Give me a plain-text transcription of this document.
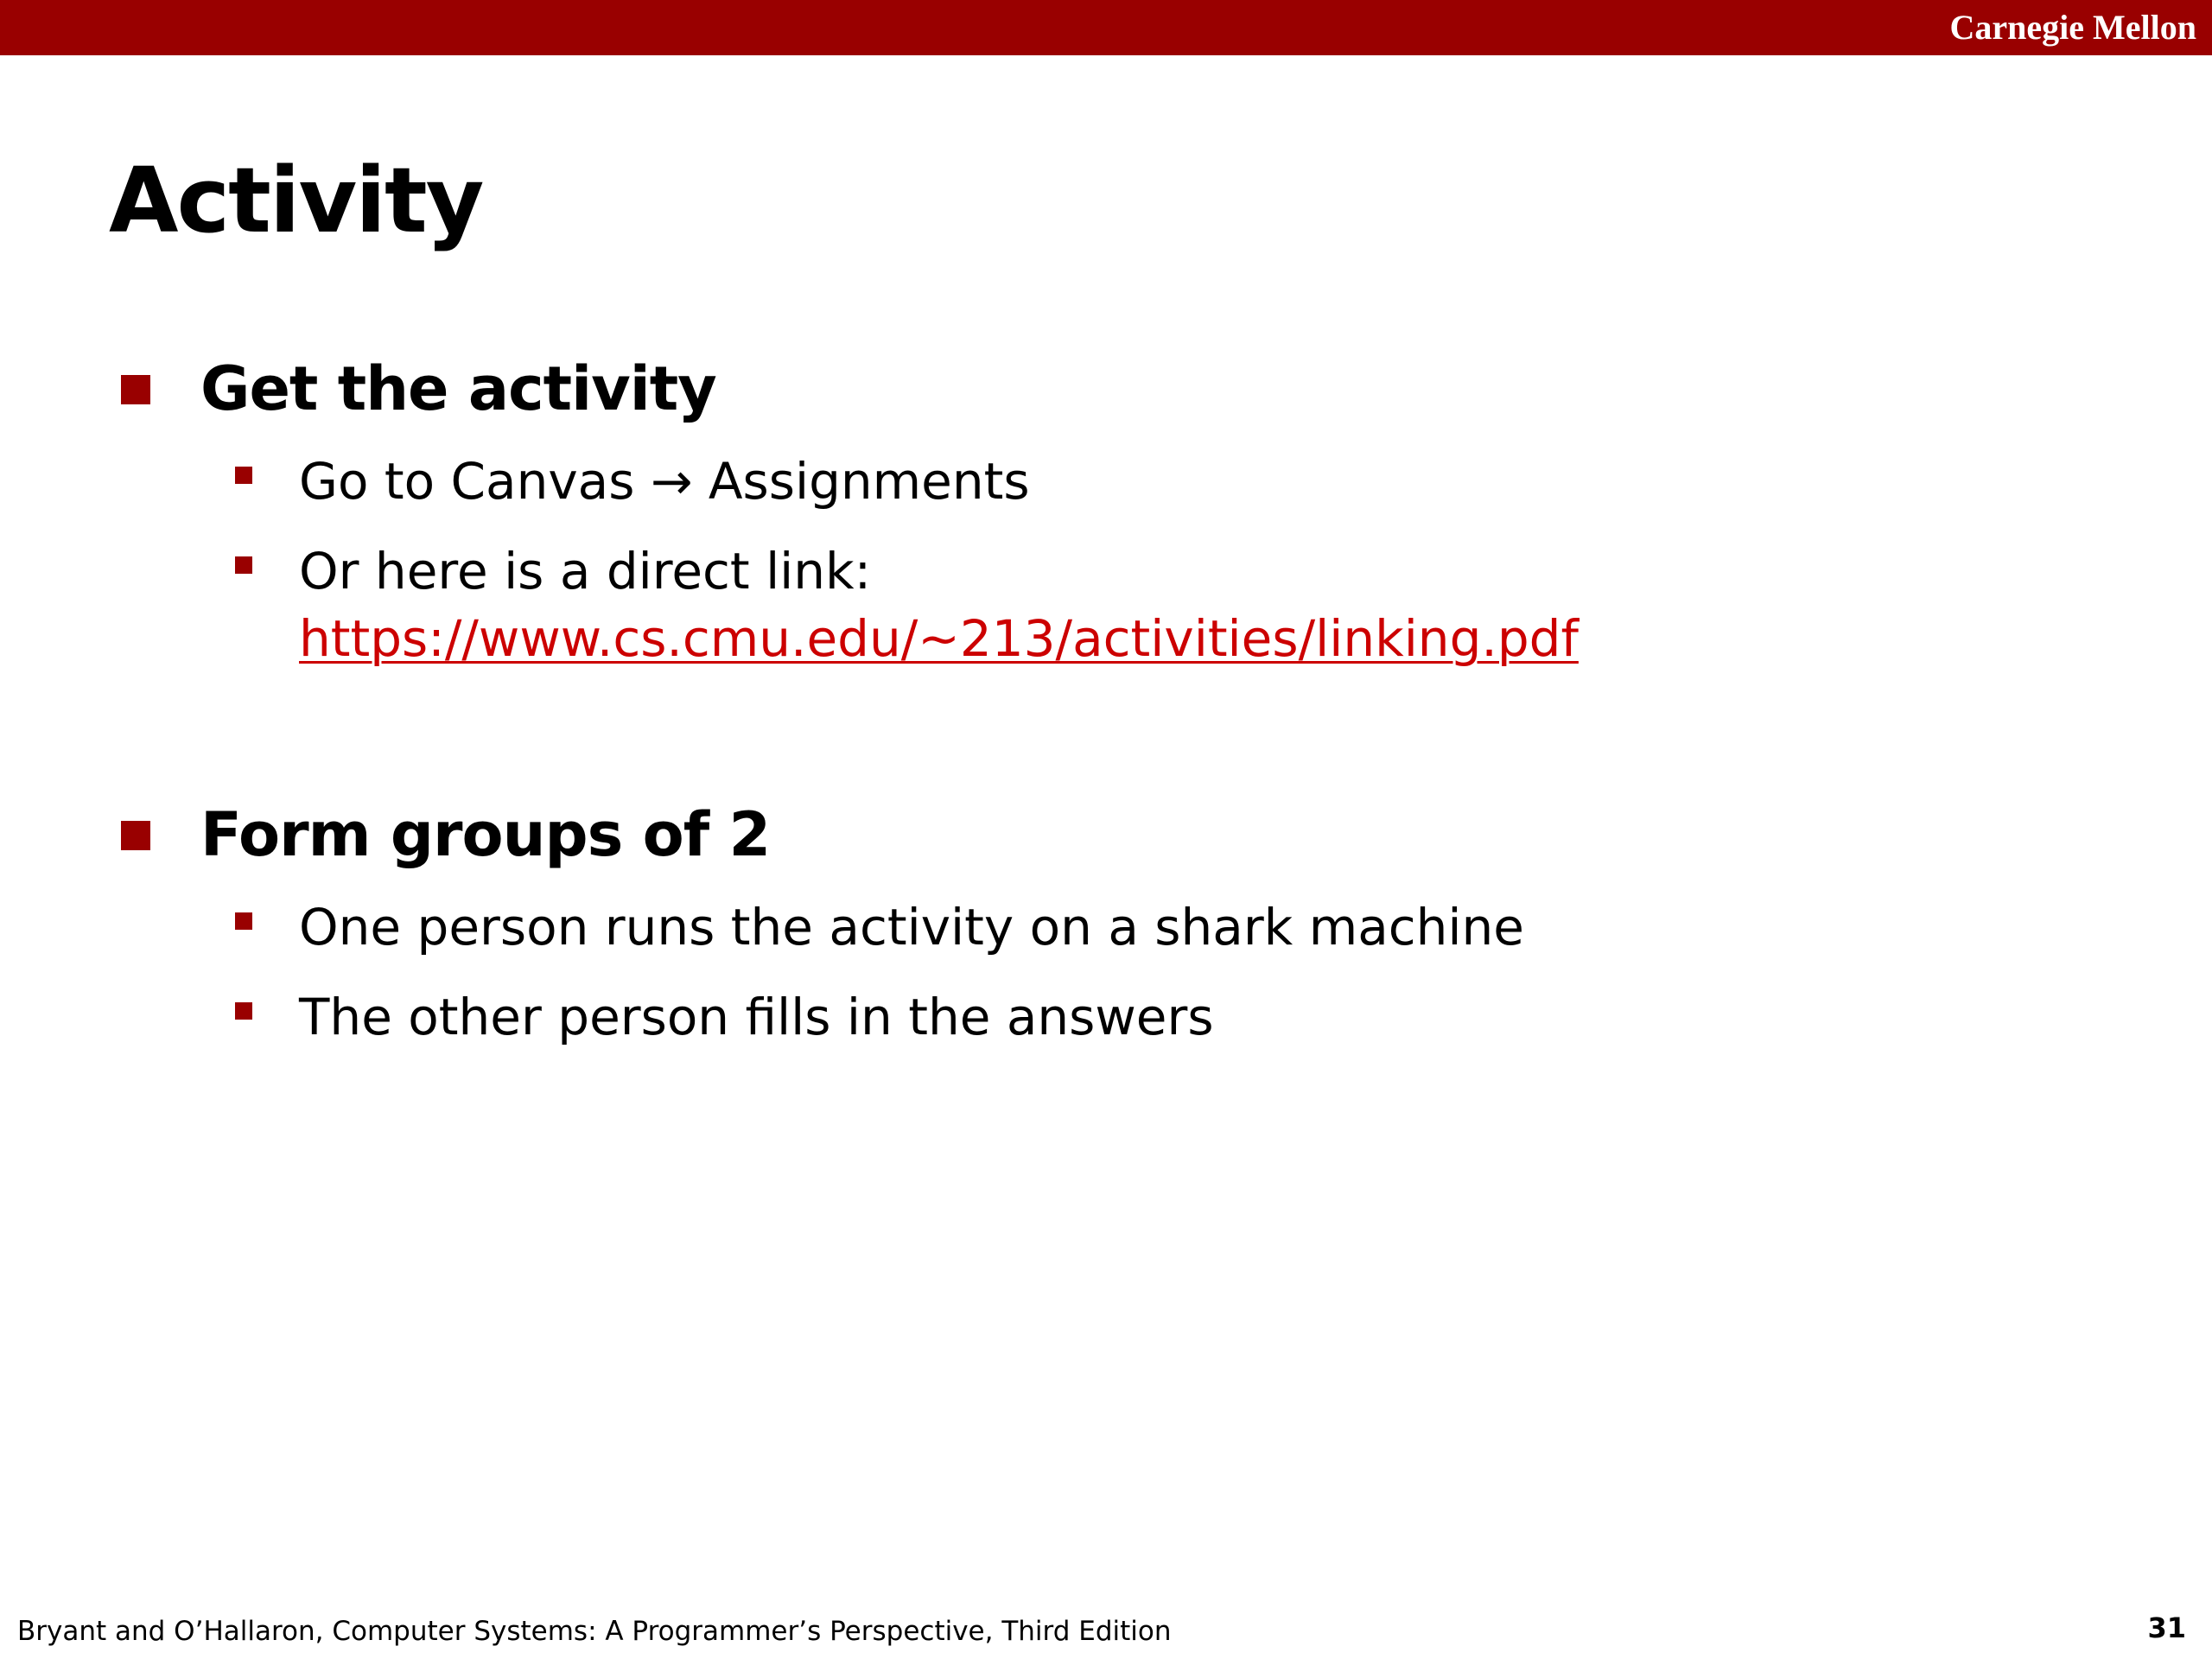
Carnegie Mellon
Activity
Get the activity
Go to Canvas → Assignments
Or here is a direct link:
https://www.cs.cmu.edu/~213/activities/linking.pdf
Form groups of 2
One person runs the activity on a shark machine
The other person fills in the answers
Bryant and O’Hallaron, Computer Systems: A Programmer’s Perspective, Third Edition	31
